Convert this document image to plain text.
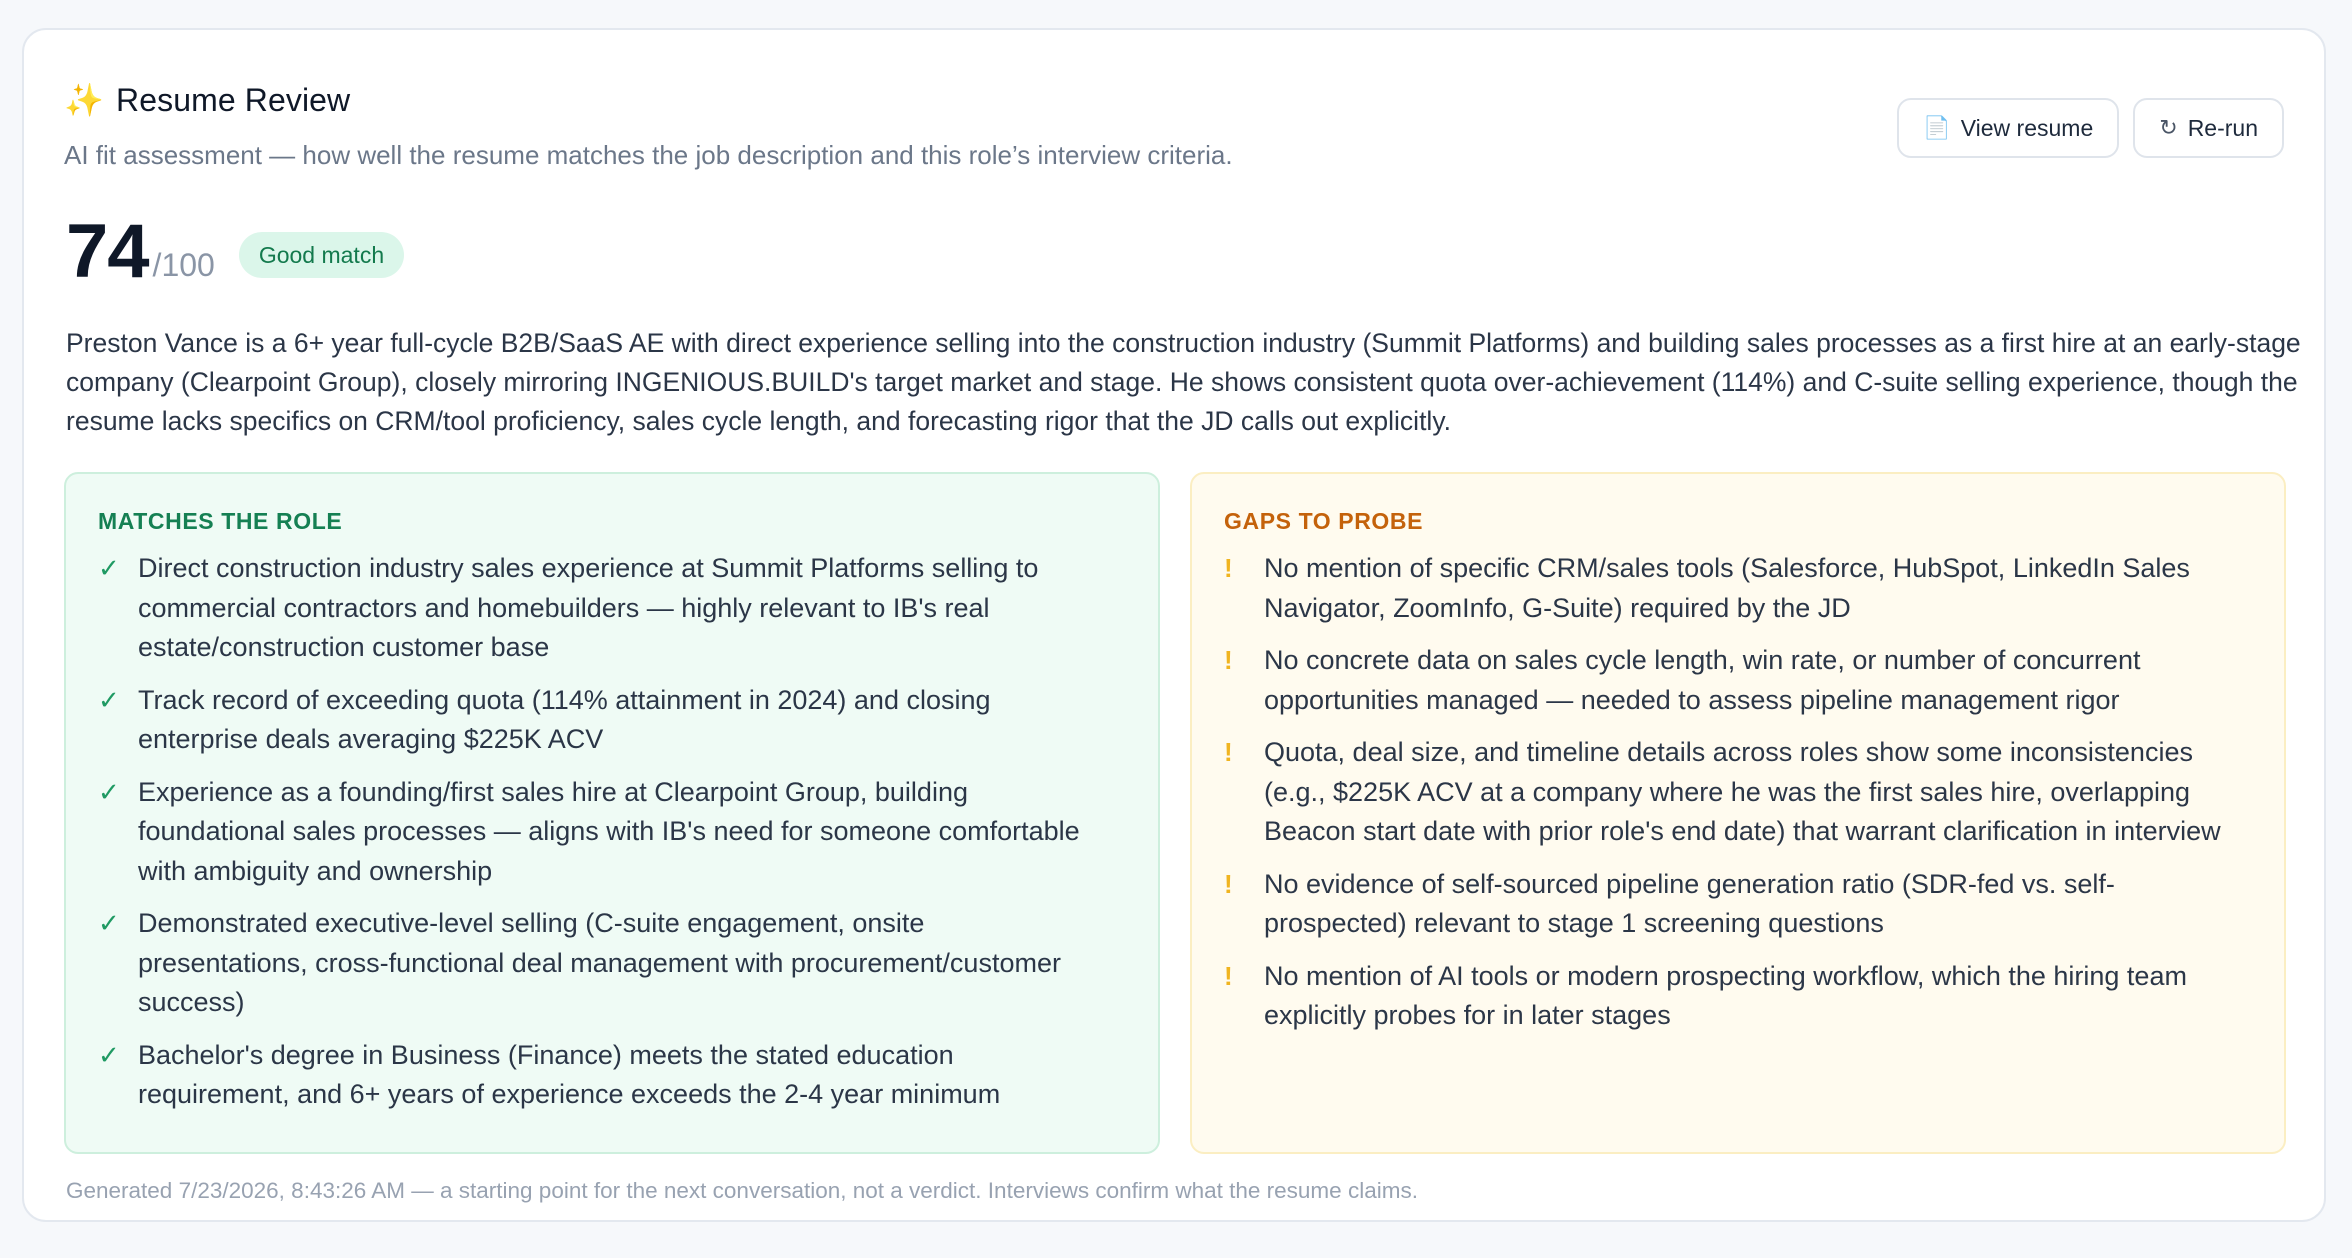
✨ Resume Review

AI fit assessment — how well the resume matches the job description and this role’s interview criteria.

📄 View resume	↻ Re-run
74 /100	Good match

Preston Vance is a 6+ year full-cycle B2B/SaaS AE with direct experience selling into the construction industry (Summit Platforms) and building sales processes as a first hire at an early-stage company (Clearpoint Group), closely mirroring INGENIOUS.BUILD's target market and stage. He shows consistent quota over-achievement (114%) and C-suite selling experience, though the resume lacks specifics on CRM/tool proficiency, sales cycle length, and forecasting rigor that the JD calls out explicitly.

MATCHES THE ROLE
✓ Direct construction industry sales experience at Summit Platforms selling to commercial contractors and homebuilders — highly relevant to IB's real estate/construction customer base
✓ Track record of exceeding quota (114% attainment in 2024) and closing enterprise deals averaging $225K ACV
✓ Experience as a founding/first sales hire at Clearpoint Group, building foundational sales processes — aligns with IB's need for someone comfortable with ambiguity and ownership
✓ Demonstrated executive-level selling (C-suite engagement, onsite presentations, cross-functional deal management with procurement/customer success)
✓ Bachelor's degree in Business (Finance) meets the stated education requirement, and 6+ years of experience exceeds the 2-4 year minimum
GAPS TO PROBE
!	No mention of specific CRM/sales tools (Salesforce, HubSpot, LinkedIn Sales Navigator, ZoomInfo, G-Suite) required by the JD
!	No concrete data on sales cycle length, win rate, or number of concurrent opportunities managed — needed to assess pipeline management rigor
!	Quota, deal size, and timeline details across roles show some inconsistencies (e.g., $225K ACV at a company where he was the first sales hire, overlapping Beacon start date with prior role's end date) that warrant clarification in interview
!	No evidence of self-sourced pipeline generation ratio (SDR-fed vs. self-prospected) relevant to stage 1 screening questions
!	No mention of AI tools or modern prospecting workflow, which the hiring team explicitly probes for in later stages

Generated 7/23/2026, 8:43:26 AM — a starting point for the next conversation, not a verdict. Interviews confirm what the resume claims.
